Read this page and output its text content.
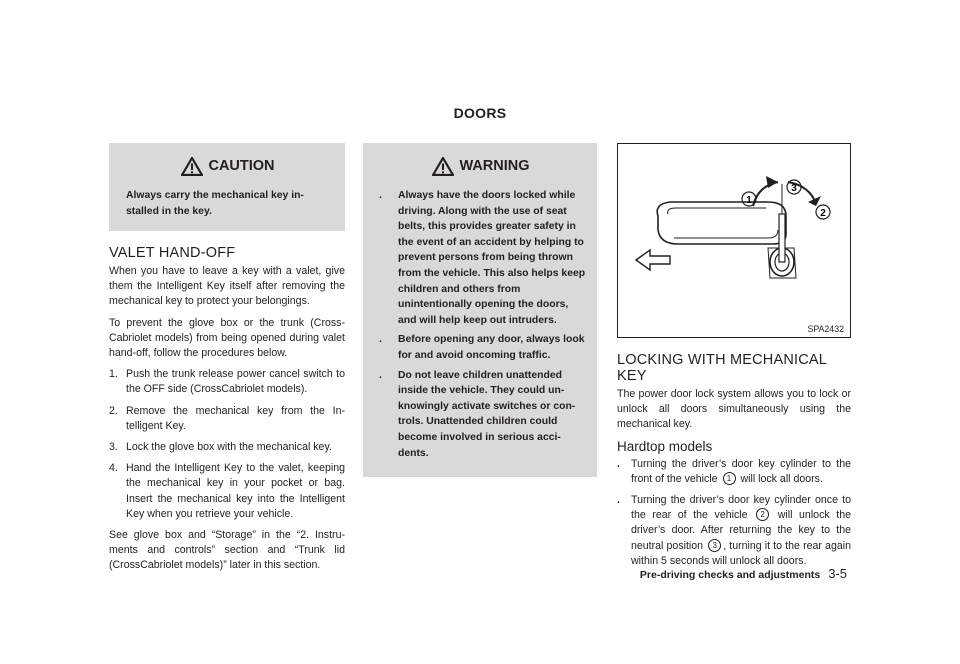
DOORS
CAUTION
Always carry the mechanical key in-stalled in the key.
VALET HAND-OFF

When you have to leave a key with a valet, give them the Intelligent Key itself after removing the mechanical key to protect your belongings.

To prevent the glove box or the trunk (Cross-Cabriolet models) from being opened during valet hand-off, follow the procedures below.

1. Push the trunk release power cancel switch to the OFF side (CrossCabriolet models).
2. Remove the mechanical key from the In-telligent Key.
3. Lock the glove box with the mechanical key.
4. Hand the Intelligent Key to the valet, keeping the mechanical key in your pocket or bag. Insert the mechanical key into the Intelligent Key when you retrieve your vehicle.

See glove box and “Storage” in the “2. Instru-ments and controls” section and “Trunk lid (CrossCabriolet models)” later in this section.

WARNING
. Always have the doors locked while driving. Along with the use of seat belts, this provides greater safety in the event of an accident by helping to prevent persons from being thrown from the vehicle. This also helps keep children and others from unintentionally opening the doors, and will help keep out intruders.
. Before opening any door, always look for and avoid oncoming traffic.
. Do not leave children unattended inside the vehicle. They could un-knowingly activate switches or con-trols. Unattended children could become involved in serious acci-dents.
1
2
3
SPA2432
LOCKING WITH MECHANICAL KEY

The power door lock system allows you to lock or unlock all doors simultaneously using the mechanical key.

Hardtop models
. Turning the driver’s door key cylinder to the front of the vehicle 1 will lock all doors.
. Turning the driver’s door key cylinder once to the rear of the vehicle 2 will unlock the driver’s door. After returning the key to the neutral position 3 , turning it to the rear again within 5 seconds will unlock all doors.
Pre-driving checks and adjustments 3-5
